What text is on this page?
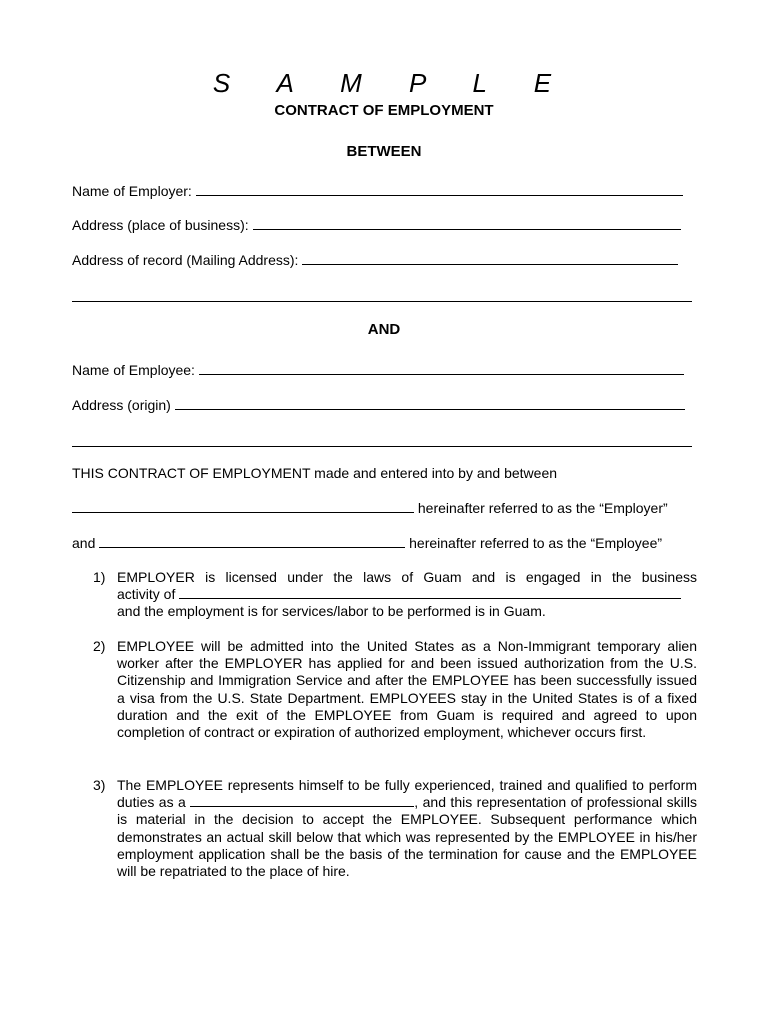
S A M P L E
CONTRACT OF EMPLOYMENT
BETWEEN
Name of Employer:
Address (place of business):
Address of record (Mailing Address):
AND
Name of Employee:
Address (origin)
THIS CONTRACT OF EMPLOYMENT made and entered into by and between
hereinafter referred to as the “Employer”
and	hereinafter referred to as the “Employee”
1) EMPLOYER is licensed under the laws of Guam and is engaged in the business
activity of
and the employment is for services/labor to be performed is in Guam.
2) EMPLOYEE will be admitted into the United States as a Non-Immigrant temporary alien worker after the EMPLOYER has applied for and been issued authorization from the U.S. Citizenship and Immigration Service and after the EMPLOYEE has been successfully issued a visa from the U.S. State Department. EMPLOYEES stay in the United States is of a fixed duration and the exit of the EMPLOYEE from Guam is required and agreed to upon completion of contract or expiration of authorized employment, whichever occurs first.
3) The EMPLOYEE represents himself to be fully experienced, trained and qualified to perform duties as a	, and this representation of professional skills is material in the decision to accept the EMPLOYEE. Subsequent performance which demonstrates an actual skill below that which was represented by the EMPLOYEE in his/her employment application shall be the basis of the termination for cause and the EMPLOYEE will be repatriated to the place of hire.
